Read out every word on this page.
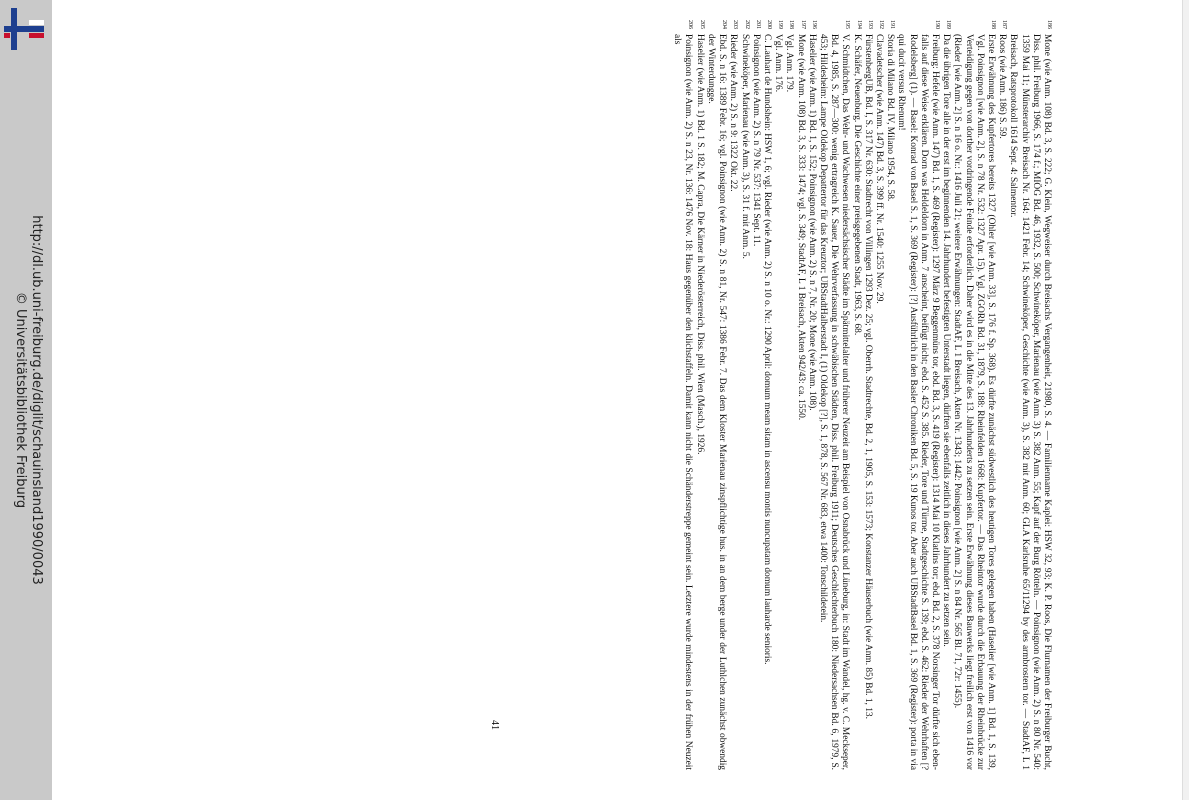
http://dl.ub.uni-freiburg.de/diglit/schauinsland1990/0043
© Universitätsbibliothek Freiburg
186
Mone (wie Anm. 108) Bd. 3, S. 222; G. Klein, Wegweiser durch Breisachs Vergangenheit, 21980, S. 4. — Familienname Kaplei: HSW 32, 93; K. P. Roos, Die Flurnamen der Freiburger Bucht, Diss. phil. Freiburg 1966, S. 174 f.; MIÖG Bd. 46, 1932, S. 500; Schwineköper, Marienau (wie Anm. 3) S. 382 Anm. 55; Kapf auf der Burg Rötteln. — Poinsignon (wie Anm. 2) S. n 80 Nr. 540: 1359 Mai 11; Münsterarchiv Breisach Nr. 164: 1421 Febr. 14; Schwineköper, Geschichte (wie Anm. 3), S. 382 mit Anm. 60; GLA Karlsruhe 65/11294 by des armbrostern tor. — StadtAF, L 1 Breisach, Ratsprotokoll 1614 Sept. 4: Salmentor.
187
Roos (wie Anm. 186) S. 59.
188
Erste Erwähnung des Kupfertores bereits 1327 (Ohler [wie Anm. 33], S. 176 f. Sp. 368). Es dürfte zunächst südwestlich des heutigen Tores gelegen haben (Haselier [wie Anm. 1] Bd. 1, S. 139, Vgl. Poinsignon [wie Anm. 2], S. n 78 Nr. 532: 1327 Apr. 15). Vgl. ZGORh Bd. 31, 1879, S. 188: Rheinfelden 1668: Kupfertor. — Das Rheintor wurde durch die Erbauung der Rheinbrücke zur Verteidigung gegen von dorther vordringende Feinde erforderlich. Daher wird es in die Mitte des 13. Jahrhunderts zu setzen sein. Erste Erwähnung dieses Bauwerks liegt freilich erst von 1416 vor (Rieder [wie Anm. 2] S. n 16 o. Nr.: 1416 Juli 21; weitere Erwähnungen: StadtAF, L 1 Breisach, Akten Nr. 1343; 1442: Poinsignon [wie Anm. 2] S. n 84 Nr. 565 Bl. 71, 72r: 1455).
189
Da die übrigen Tore alle in der erst im beginnenden 14. Jahrhundert befestigten Unterstadt liegen, dürften sie ebenfalls zeitlich in dieses Jahrhundert zu setzen sein.
190
Freiburg: Hefele (wie Anm. 147) Bd. 1, S. 469 (Register): 1297 März 9 Beggenmüns tor, ebd. Bd. 3, S. 419 (Register): 1314 Mai 10 Klatlins tor; ebd. Bd. 2, S. 378 Norsinger Tor dürfte sich ebenfalls auf diese Weise erklären. Dorn was Heldeldorn in Anm. 7 anscheint, beifügt nicht; ebd. S. 452 S. 385. Rieder, Tore und Türme, Stadtgeschichte S. 139; ebd. S. 462: Rieder der Wehrhaften [? Rodelsberg] (1). — Basel: Konrad von Basel S. 1, S. 369 (Register): [?] Ausführlich in den Basler Chroniken Bd. 5, S. 19 Kunos tor. Aber auch UBStadtBasel Bd. 1, S. 369 (Register): porta in via qui ducit versus Rhenum!
191
Storia di Milano Bd. IV, Milano 1954, S. 58.
192
Clavadetscher (wie Anm. 147) Bd. 3, S. 399 ff. Nr. 1540: 1255 Nov. 29.
193
FürstenbergUB, Bd. I, S. 317 Nr. 630: Stadtrecht von Villingen 1293 Dez. 25; vgl. Oberrh. Stadtrechte, Bd. 2, 1, 1905, S. 153: 1573; Konstanzer Häuserbuch (wie Anm. 85) Bd. 1, 13.
194
K. Schäfer, Neuenburg. Die Geschichte einer preisgegebenen Stadt, 1963, S. 68.
195
V. Schmidtchen, Das Wehr- und Wachwesen niedersächsischer Städte im Spätmittelalter und früherer Neuzeit am Beispiel von Osnabrück und Lüneburg, in: Stadt im Wandel, hg. v. C. Meckseper, Bd. 4, 1985, S. 287—300: wenig ertragreich K. Sauer, Die Wehrverfassung in schwäbischen Städten, Diss. phil. Freiburg 1911; Deutsches Geschlechterbuch 180: Niedersachsen Bd. 6, 1979, S. 453; Hildesheim: Lampe Oldekop Depattertor für das Kreuztor; UBStadtHalberstadt I, (1) Oldekop [?], S. 1, 878, S. 567 Nr. 683, etwa 1400: Tonschildetein.
196
Haselier (wie Anm. 1) Bd. 1, S. 152; Poinsignon (wie Anm. 2) S. n 7, Nr. 20; Mone (wie Anm. 108).
197
Mone (wie Anm. 108) Bd. 3, S. 333: 1474; vgl. S. 349; StadtAF, L 1 Breisach, Akten 942/43: ca. 1550.
198
Vgl. Anm. 179.
199
Vgl. Anm. 176.
200
C. Lauhart de Hundshein: HSW 1, 6; vgl. Rieder (wie Anm. 2) S. n 10 o. Nr.: 1290 April: domum meam sitam in ascensu montis nuncupatam domum lauharde senioris.
201
Poinsignon (wie Anm. 2) S. n 79 Nr. 537: 1341 Sept. 11.
202
Schwineköper, Marienau (wie Anm. 3), S. 31 f. mit Anm. 5.
203
Rieder (wie Anm. 2) S. n 9: 1322 Okt. 22.
204
Ebd. S. n 16: 1389 Febr. 16; vgl. Poinsignon (wie Anm. 2) S. n 81, Nr. 547: 1386 Febr. 7. Das dem Kloster Marienau zinspflichtige hus. in an dem berge under der Luthlchen zunächst obwendig der Winterdungge.
205
Haselier (wie Anm. 1) Bd. 1 S. 182; M. Capra, Die Kärner in Niederösterreich, Diss. phil. Wien (Masch.), 1926.
206
Poinsignon (wie Anm. 2) S. n 23, Nr. 136: 1476 Nov. 18: Haus gegenüber den klichstaffeln. Damit kann nicht die Schänderstreppe gemeint sein. Letztere wurde mindestens in der frühen Neuzeit als
41
